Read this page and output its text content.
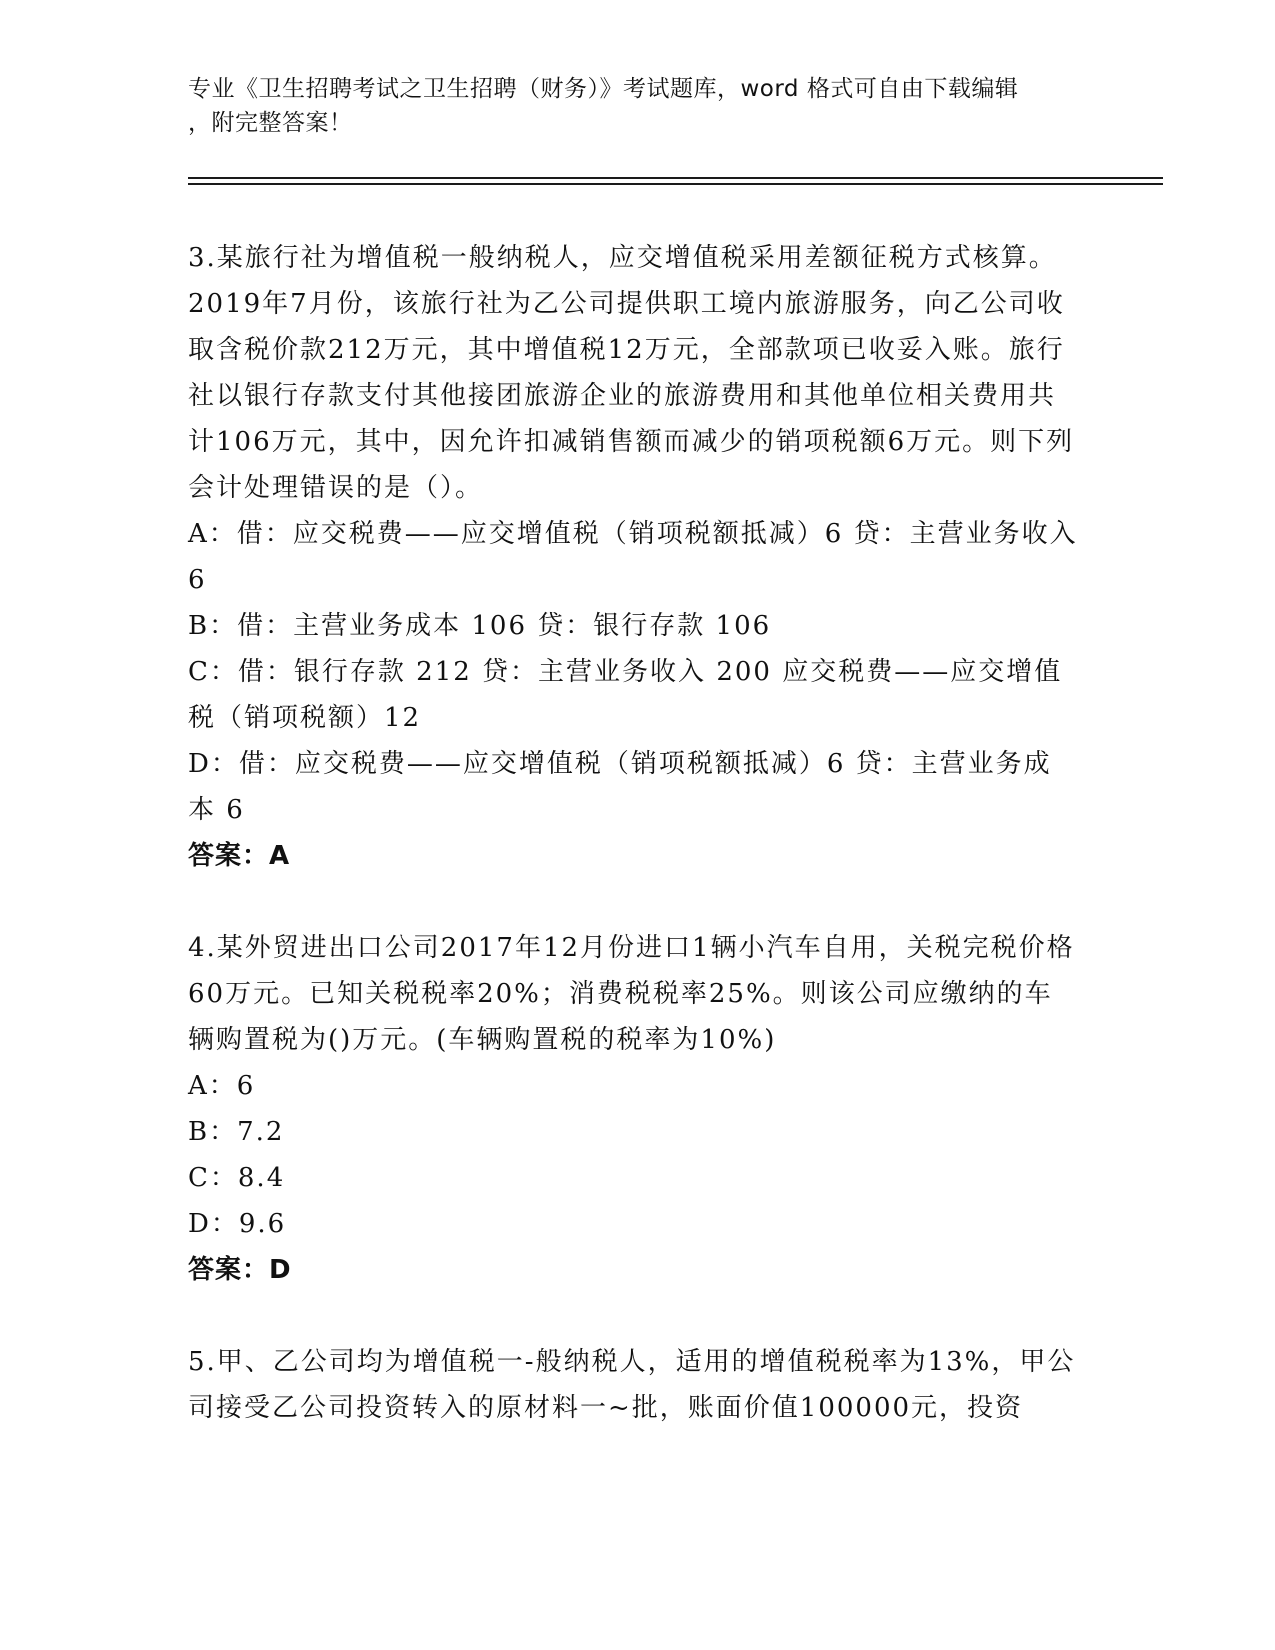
专业《卫生招聘考试之卫生招聘（财务）》考试题库，word 格式可自由下载编辑
，附完整答案！

3.某旅行社为增值税一般纳税人，应交增值税采用差额征税方式核算。2019年7月份，该旅行社为乙公司提供职工境内旅游服务，向乙公司收取含税价款212万元，其中增值税12万元，全部款项已收妥入账。旅行社以银行存款支付其他接团旅游企业的旅游费用和其他单位相关费用共计106万元，其中，因允许扣减销售额而减少的销项税额6万元。则下列会计处理错误的是（）。

A：借：应交税费——应交增值税（销项税额抵减）6 贷：主营业务收入 6

B：借：主营业务成本 106 贷：银行存款 106

C：借：银行存款 212 贷：主营业务收入 200 应交税费——应交增值税（销项税额）12

D：借：应交税费——应交增值税（销项税额抵减）6 贷：主营业务成本 6

答案：A

4.某外贸进出口公司2017年12月份进口1辆小汽车自用，关税完税价格60万元。已知关税税率20%；消费税税率25%。则该公司应缴纳的车辆购置税为()万元。(车辆购置税的税率为10%)

A：6

B：7.2

C：8.4

D：9.6

答案：D

5.甲、乙公司均为增值税一-般纳税人，适用的增值税税率为13%，甲公司接受乙公司投资转入的原材料一~批，账面价值100000元，投资
